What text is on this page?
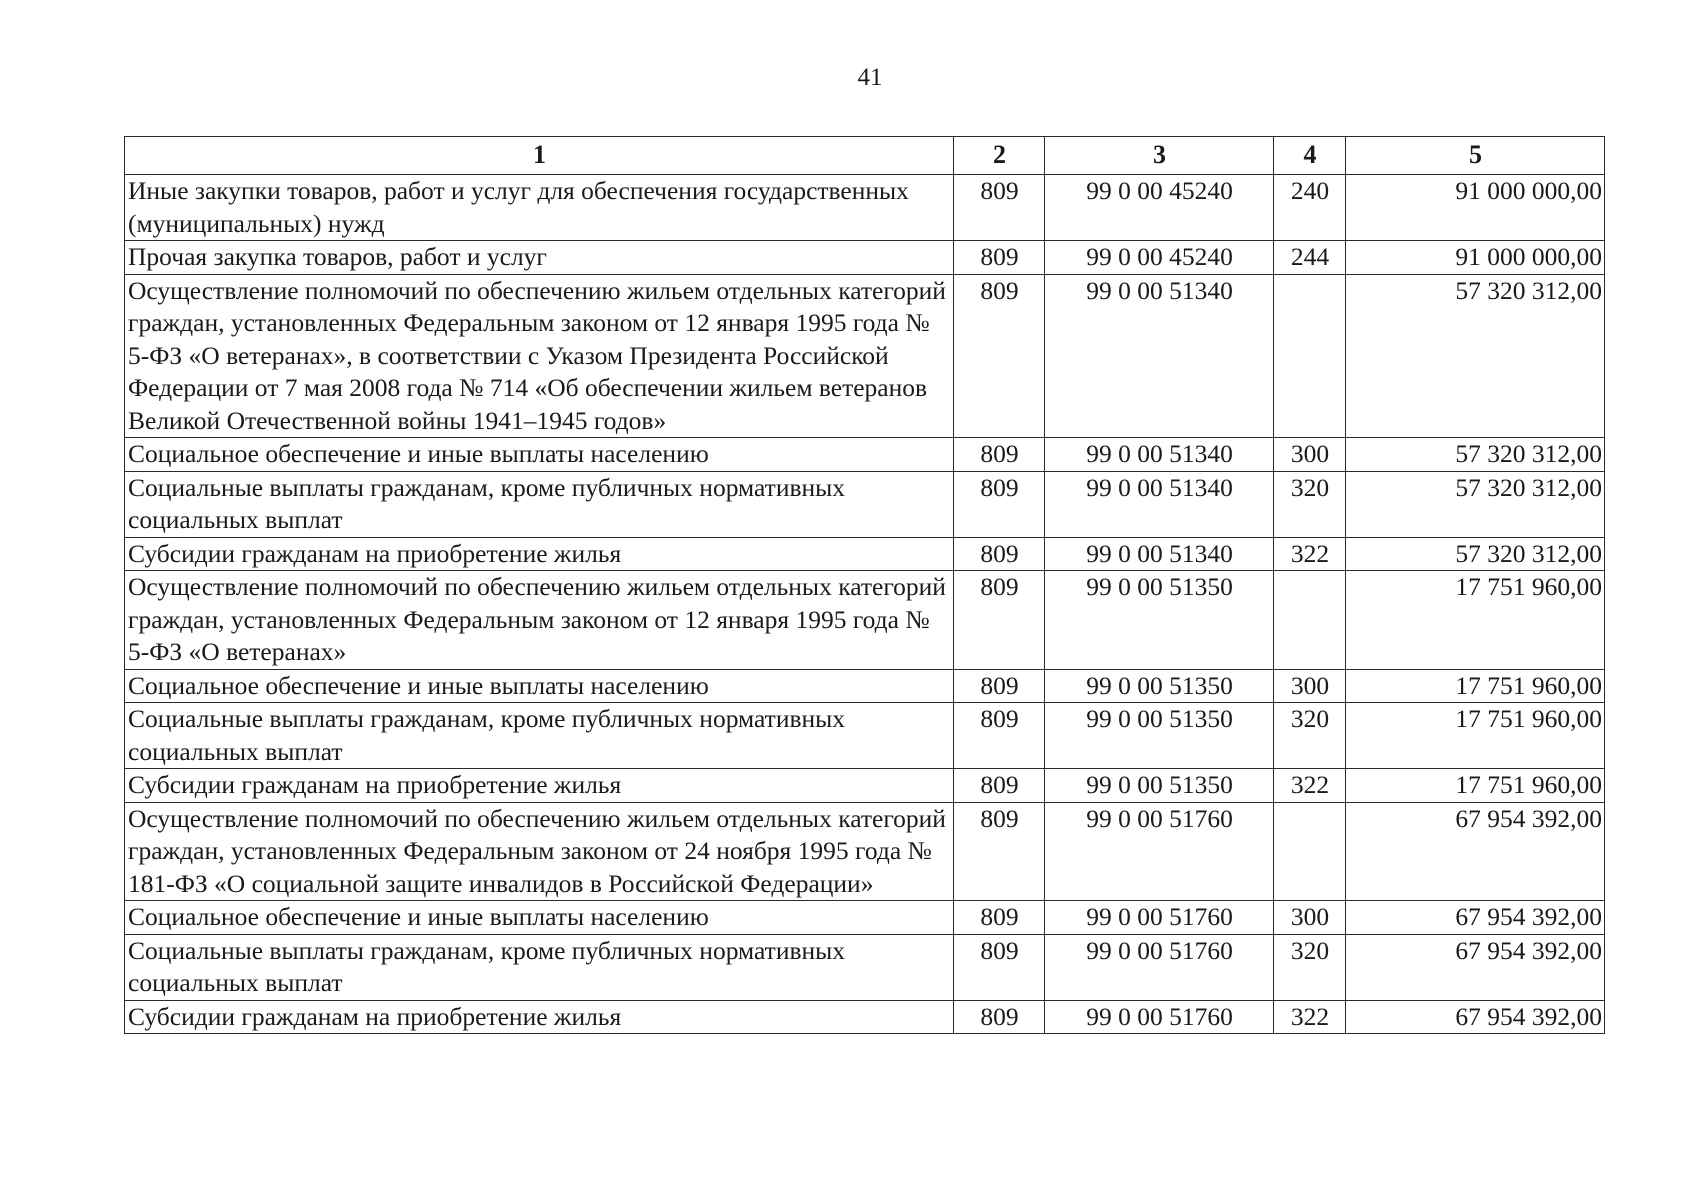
41
1	2	3	4	5
Иные закупки товаров, работ и услуг для обеспечения государственных (муниципальных) нужд	809	99 0 00 45240	240	91 000 000,00
Прочая закупка товаров, работ и услуг	809	99 0 00 45240	244	91 000 000,00
Осуществление полномочий по обеспечению жильем отдельных категорий граждан, установленных Федеральным законом от 12 января 1995 года № 5-ФЗ «О ветеранах», в соответствии с Указом Президента Российской Федерации от 7 мая 2008 года № 714 «Об обеспечении жильем ветеранов Великой Отечественной войны 1941–1945 годов»	809	99 0 00 51340		57 320 312,00
Социальное обеспечение и иные выплаты населению	809	99 0 00 51340	300	57 320 312,00
Социальные выплаты гражданам, кроме публичных нормативных социальных выплат	809	99 0 00 51340	320	57 320 312,00
Субсидии гражданам на приобретение жилья	809	99 0 00 51340	322	57 320 312,00
Осуществление полномочий по обеспечению жильем отдельных категорий граждан, установленных Федеральным законом от 12 января 1995 года № 5-ФЗ «О ветеранах»	809	99 0 00 51350		17 751 960,00
Социальное обеспечение и иные выплаты населению	809	99 0 00 51350	300	17 751 960,00
Социальные выплаты гражданам, кроме публичных нормативных социальных выплат	809	99 0 00 51350	320	17 751 960,00
Субсидии гражданам на приобретение жилья	809	99 0 00 51350	322	17 751 960,00
Осуществление полномочий по обеспечению жильем отдельных категорий граждан, установленных Федеральным законом от 24 ноября 1995 года № 181-ФЗ «О социальной защите инвалидов в Российской Федерации»	809	99 0 00 51760		67 954 392,00
Социальное обеспечение и иные выплаты населению	809	99 0 00 51760	300	67 954 392,00
Социальные выплаты гражданам, кроме публичных нормативных социальных выплат	809	99 0 00 51760	320	67 954 392,00
Субсидии гражданам на приобретение жилья	809	99 0 00 51760	322	67 954 392,00
